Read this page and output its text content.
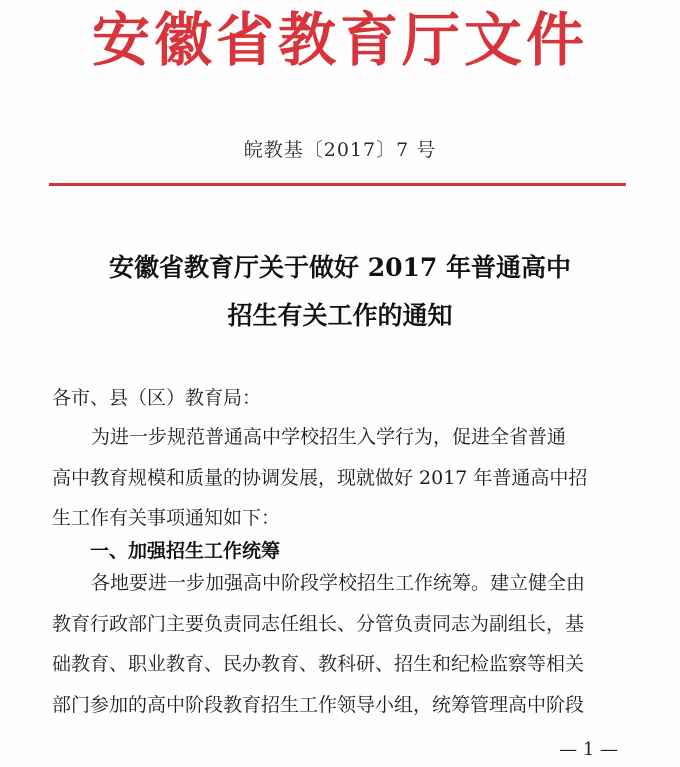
安徽省教育厅文件
皖教基〔2017〕7 号
安徽省教育厅关于做好 2017 年普通高中
招生有关工作的通知
各市、县（区）教育局：
为进一步规范普通高中学校招生入学行为，促进全省普通
高中教育规模和质量的协调发展，现就做好 2017 年普通高中招
生工作有关事项通知如下：
一、加强招生工作统筹
各地要进一步加强高中阶段学校招生工作统筹。建立健全由
教育行政部门主要负责同志任组长、分管负责同志为副组长，基
础教育、职业教育、民办教育、教科研、招生和纪检监察等相关
部门参加的高中阶段教育招生工作领导小组，统筹管理高中阶段
— 1 —
